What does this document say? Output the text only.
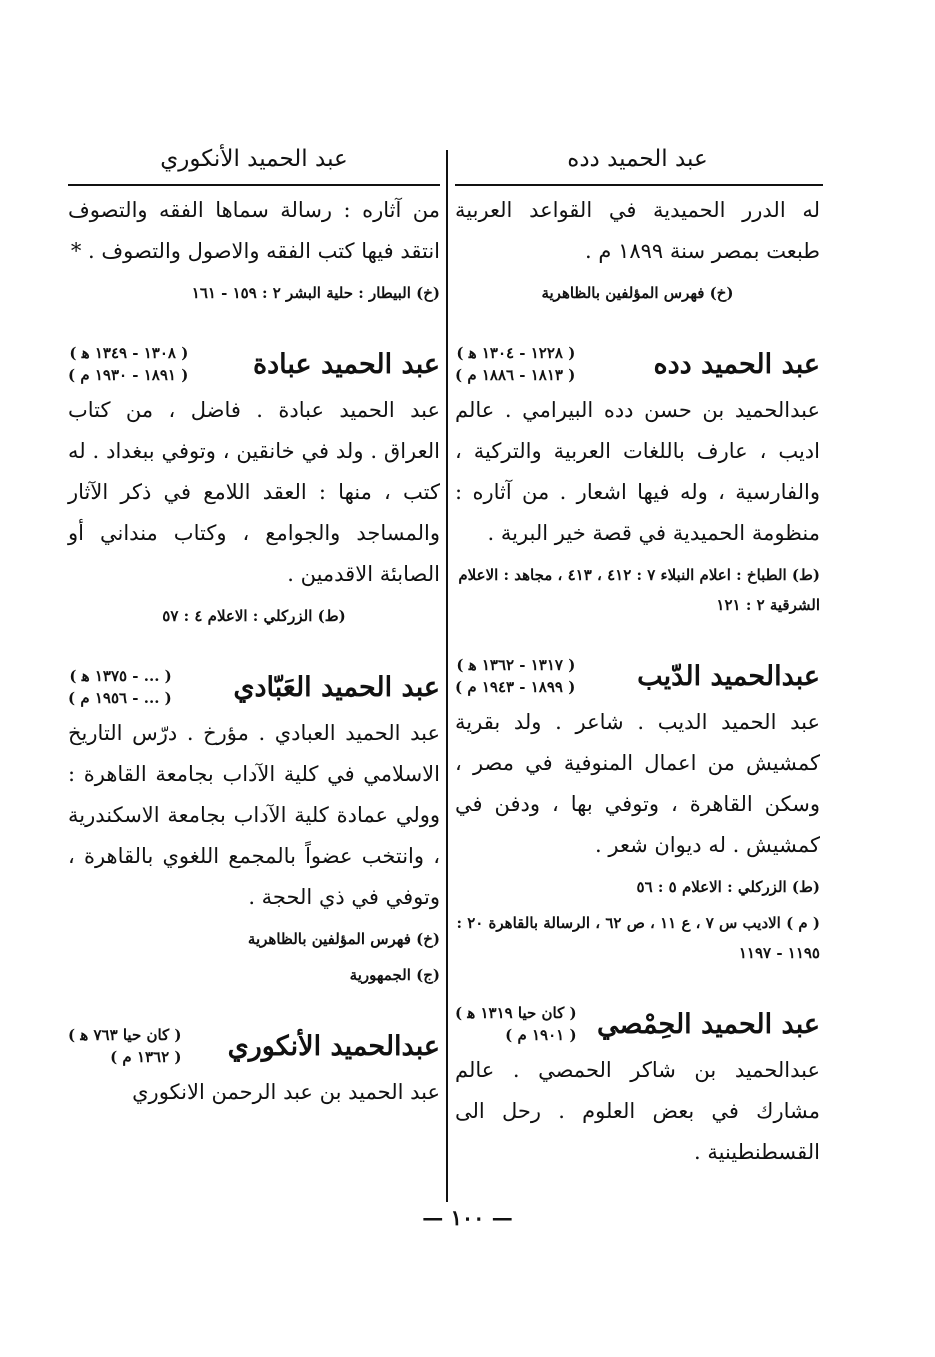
عبد الحميد دده

له الدرر الحميدية في القواعد العربية طبعت بمصر سنة ١٨٩٩ م .

(خ) فهرس المؤلفين بالظاهرية

عبد الحميد دده
( ١٢٢٨ - ١٣٠٤ ﻫ )
( ١٨١٣ - ١٨٨٦ م )

عبدالحميد بن حسن دده البيرامي . عالم اديب ، عارف باللغات العربية والتركية ، والفارسية ، وله فيها اشعار . من آثاره : منظومة الحميدية في قصة خير البرية .

(ط) الطباخ : اعلام النبلاء ٧ : ٤١٢ ، ٤١٣ ، مجاهد : الاعلام الشرقية ٢ : ١٢١

عبدالحميد الدّيب
( ١٣١٧ - ١٣٦٢ ﻫ )
( ١٨٩٩ - ١٩٤٣ م )

عبد الحميد الديب . شاعر . ولد بقرية كمشيش من اعمال المنوفية في مصر ، وسكن القاهرة ، وتوفي بها ، ودفن في كمشيش . له ديوان شعر .

(ط) الزركلي : الاعلام ٥ : ٥٦

( م ) الاديب س ٧ ، ع ١١ ، ص ٦٢ ، الرسالة بالقاهرة ٢٠ : ١١٩٥ - ١١٩٧

عبد الحميد الحِمْصي
( كان حيا ١٣١٩ ﻫ )
( ١٩٠١ م )

عبدالحميد بن شاكر الحمصي . عالم مشارك في بعض العلوم . رحل الى القسطنطينية .

عبد الحميد الأنكوري

من آثاره : رسالة سماها الفقه والتصوف انتقد فيها كتب الفقه والاصول والتصوف . *

(خ) البيطار : حلية البشر ٢ : ١٥٩ - ١٦١

عبد الحميد عبادة
( ١٣٠٨ - ١٣٤٩ ﻫ )
( ١٨٩١ - ١٩٣٠ م )

عبد الحميد عبادة . فاضل ، من كتاب العراق . ولد في خانقين ، وتوفي ببغداد . له كتب ، منها : العقد اللامع في ذكر الآثار والمساجد والجوامع ، وكتاب منداني أو الصابئة الاقدمين .

(ط) الزركلي : الاعلام ٤ : ٥٧

عبد الحميد العَبّادي
( ... - ١٣٧٥ ﻫ )
( ... - ١٩٥٦ م )

عبد الحميد العبادي . مؤرخ . درّس التاريخ الاسلامي في كلية الآداب بجامعة القاهرة : وولي عمادة كلية الآداب بجامعة الاسكندرية ، وانتخب عضواً بالمجمع اللغوي بالقاهرة ، وتوفي في ذي الحجة .

(خ) فهرس المؤلفين بالظاهرية

(ج) الجمهورية

عبدالحميد الأنكوري
( كان حيا ٧٦٣ ﻫ )
( ١٣٦٢ م )

عبد الحميد بن عبد الرحمن الانكوري

— ١٠٠ —
